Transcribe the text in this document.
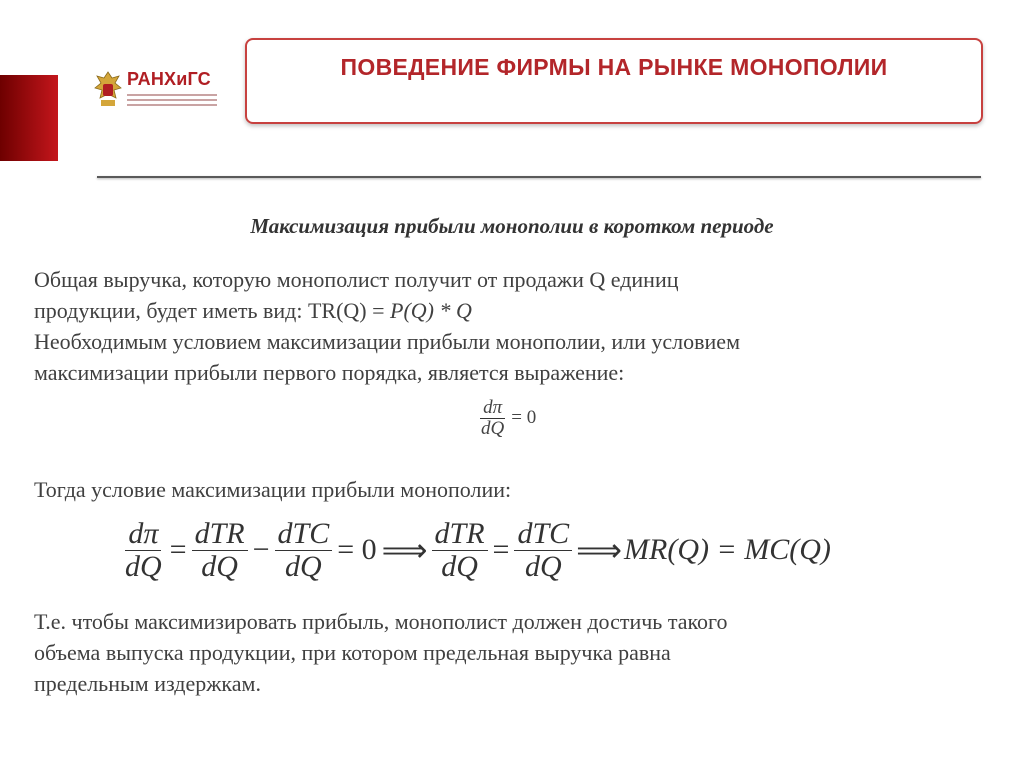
РАНХиГС	ПОВЕДЕНИЕ ФИРМЫ НА РЫНКЕ МОНОПОЛИИ
Максимизация прибыли монополии в коротком периоде
Общая выручка, которую монополист получит от продажи Q единиц
продукции, будет иметь вид: TR(Q) = P(Q) * Q
Необходимым условием максимизации прибыли монополии, или условием
максимизации прибыли первого порядка, является выражение:
$\frac{d\pi}{dQ} = 0$
Тогда условие максимизации прибыли монополии:
$\frac{d\pi}{dQ} = \frac{\text{dTR}}{dQ} - \frac{\text{dTC}}{dQ} = 0$ ⟹ $\frac{\text{dTR}}{dQ} = \frac{\text{dTC}}{dQ}$ ⟹ MR(Q) = MC(Q)
Т.е. чтобы максимизировать прибыль, монополист должен достичь такого
объема выпуска продукции, при котором предельная выручка равна
предельным издержкам.
